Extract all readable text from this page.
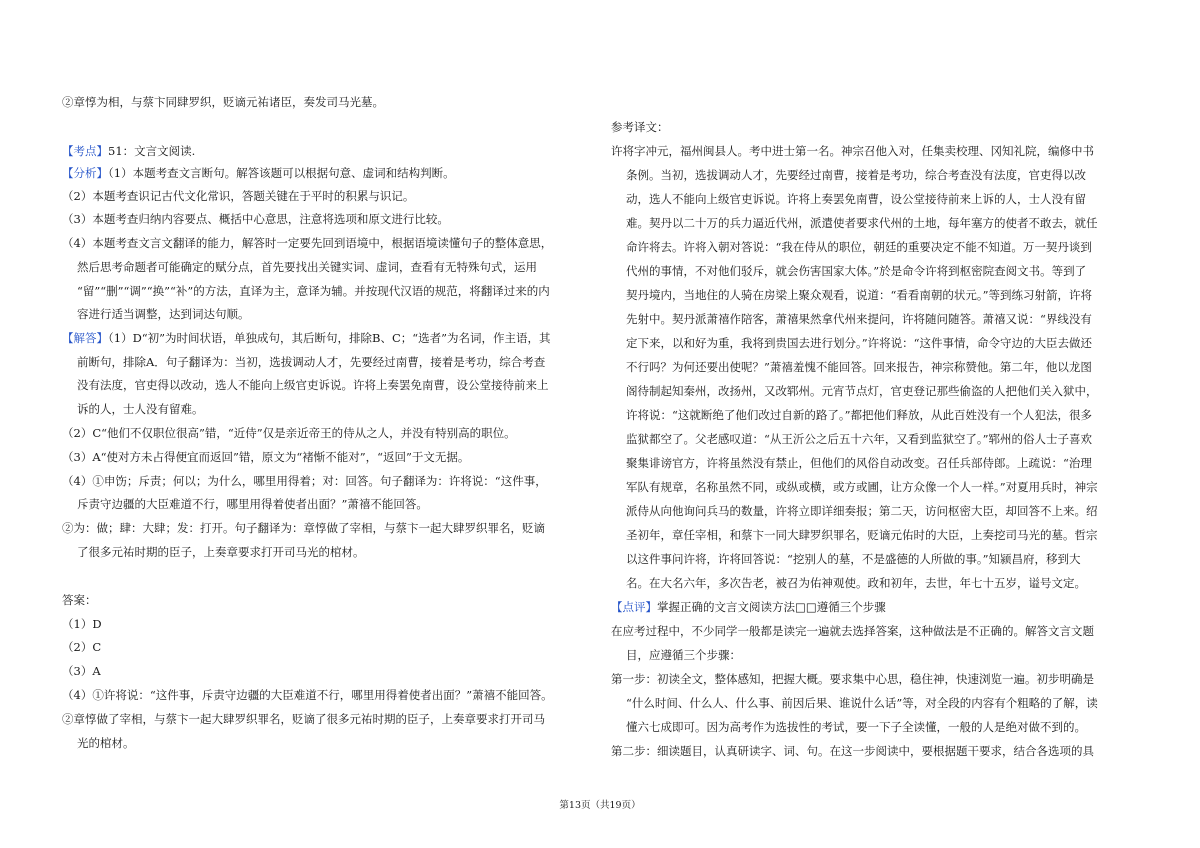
②章惇为相，与蔡卞同肆罗织，贬谪元祐诸臣，奏发司马光墓。
【考点】51：文言文阅读.
【分析】（1）本题考查文言断句。解答该题可以根据句意、虚词和结构判断。
（2）本题考查识记古代文化常识，答题关键在于平时的积累与识记。
（3）本题考查归纳内容要点、概括中心意思，注意将选项和原文进行比较。
（4）本题考查文言文翻译的能力，解答时一定要先回到语境中，根据语境读懂句子的整体意思，
然后思考命题者可能确定的赋分点，首先要找出关键实词、虚词，查看有无特殊句式，运用
“留”“删”“调”“换”“补”的方法，直译为主，意译为辅。并按现代汉语的规范，将翻译过来的内
容进行适当调整，达到词达句顺。
【解答】（1）D“初”为时间状语，单独成句，其后断句，排除B、C；“选者”为名词，作主语，其
前断句，排除A．句子翻译为：当初，选拔调动人才，先要经过南曹，接着是考功，综合考查
没有法度，官吏得以改动，选人不能向上级官吏诉说。许将上奏罢免南曹，设公堂接待前来上
诉的人，士人没有留难。
（2）C“他们不仅职位很高”错，“近侍”仅是亲近帝王的侍从之人，并没有特别高的职位。
（3）A“使对方未占得便宜而返回”错，原文为“褚惭不能对”，“返回”于文无据。
（4）①申饬；斥责；何以；为什么，哪里用得着；对：回答。句子翻译为：许将说：“这件事，
斥责守边疆的大臣难道不行，哪里用得着使者出面？”萧禧不能回答。
②为：做；肆：大肆；发：打开。句子翻译为：章惇做了宰相，与蔡卞一起大肆罗织罪名，贬谪
了很多元祐时期的臣子，上奏章要求打开司马光的棺材。
答案：
（1）D
（2）C
（3）A
（4）①许将说：“这件事，斥责守边疆的大臣难道不行，哪里用得着使者出面？”萧禧不能回答。
②章惇做了宰相，与蔡卞一起大肆罗织罪名，贬谪了很多元祐时期的臣子，上奏章要求打开司马
光的棺材。
参考译文：
许将字冲元，福州闽县人。考中进士第一名。神宗召他入对，任集卖校理、冈知礼院，编修中书
条例。当初，选拔调动人才，先要经过南曹，接着是考功，综合考查没有法度，官吏得以改
动，选人不能向上级官吏诉说。许将上奏罢免南曹，设公堂接待前来上诉的人，士人没有留
难。契丹以二十万的兵力逼近代州，派遣使者要求代州的土地，每年塞方的使者不敢去，就任
命许将去。许将入朝对答说：“我在侍从的职位，朝廷的重要决定不能不知道。万一契丹谈到
代州的事情，不对他们驳斥，就会伤害国家大体。”於是命令许将到枢密院查阅文书。等到了
契丹境内，当地住的人骑在房梁上聚众观看，说道：“看看南朝的状元。”等到练习射箭，许将
先射中。契丹派萧禧作陪客，萧禧果然拿代州来提问，许将随问随答。萧禧又说：“界线没有
定下来，以和好为重，我将到贵国去进行划分。”许将说：“这件事情，命令守边的大臣去做还
不行吗？为何还要出使呢？”萧禧羞愧不能回答。回来报告，神宗称赞他。第二年，他以龙图
阁待制起知秦州，改扬州，又改郓州。元宵节点灯，官吏登记那些偷盗的人把他们关入狱中，
许将说：“这就断绝了他们改过自新的路了。”都把他们释放，从此百姓没有一个人犯法，很多
监狱都空了。父老感叹道：“从王沂公之后五十六年，又看到监狱空了。”郓州的俗人士子喜欢
聚集诽谤官方，许将虽然没有禁止，但他们的风俗自动改变。召任兵部侍郎。上疏说：“治理
军队有规章，名称虽然不同，或纵或横，或方或圃，让方众像一个人一样。”对夏用兵时，神宗
派侍从向他询问兵马的数量，许将立即详细奏报；第二天，访问枢密大臣，却回答不上来。绍
圣初年，章任宰相，和蔡卞一同大肆罗织罪名，贬谪元佑时的大臣，上奏挖司马光的墓。哲宗
以这件事问许将，许将回答说：“挖别人的墓，不是盛德的人所做的事。”知颍昌府，移到大
名。在大名六年，多次告老，被召为佑神观使。政和初年，去世，年七十五岁，谥号文定。
【点评】掌握正确的文言文阅读方法□□遵循三个步骤
在应考过程中，不少同学一般都是读完一遍就去选择答案，这种做法是不正确的。解答文言文题
目，应遵循三个步骤：
第一步：初读全文，整体感知，把握大概。要求集中心思，稳住神，快速浏览一遍。初步明确是
“什么时间、什么人、什么事、前因后果、谁说什么话”等，对全段的内容有个粗略的了解，读
懂六七成即可。因为高考作为选拔性的考试，要一下子全读懂，一般的人是绝对做不到的。
第二步：细读题目，认真研读字、词、句。在这一步阅读中，要根据题干要求，结合各选项的具
第13页（共19页）
